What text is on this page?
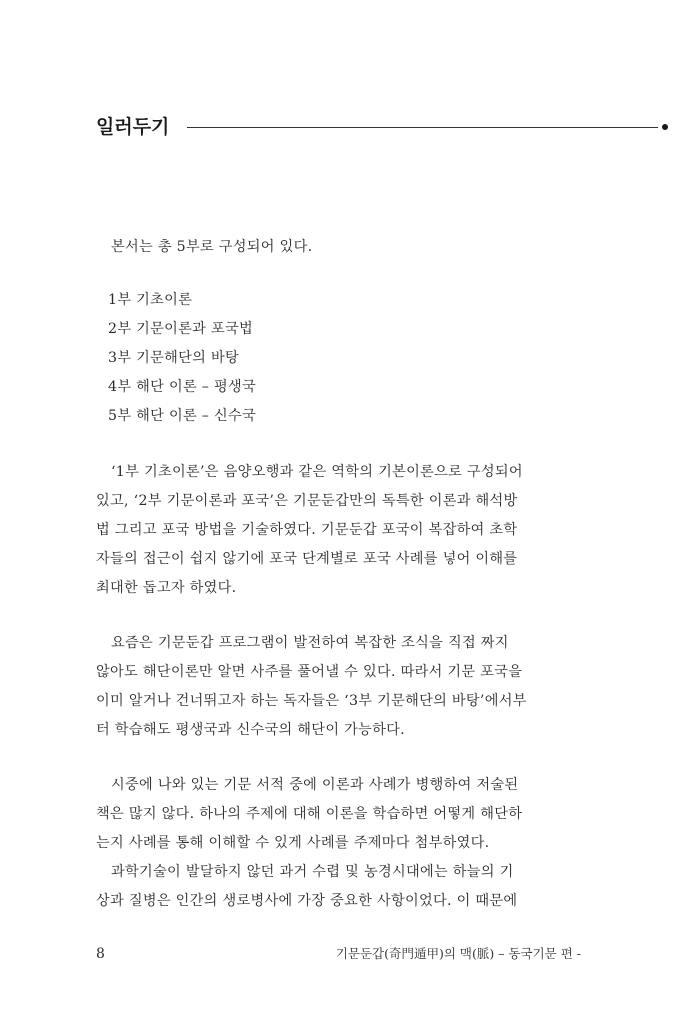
일러두기
본서는 총 5부로 구성되어 있다.
1부 기초이론
2부 기문이론과 포국법
3부 기문해단의 바탕
4부 해단 이론 – 평생국
5부 해단 이론 – 신수국
‘1부 기초이론’은 음양오행과 같은 역학의 기본이론으로 구성되어
있고, ‘2부 기문이론과 포국’은 기문둔갑만의 독특한 이론과 해석방
법 그리고 포국 방법을 기술하였다. 기문둔갑 포국이 복잡하여 초학
자들의 접근이 쉽지 않기에 포국 단계별로 포국 사례를 넣어 이해를
최대한 돕고자 하였다.
요즘은 기문둔갑 프로그램이 발전하여 복잡한 조식을 직접 짜지
않아도 해단이론만 알면 사주를 풀어낼 수 있다. 따라서 기문 포국을
이미 알거나 건너뛰고자 하는 독자들은 ‘3부 기문해단의 바탕’에서부
터 학습해도 평생국과 신수국의 해단이 가능하다.
시중에 나와 있는 기문 서적 중에 이론과 사례가 병행하여 저술된
책은 많지 않다. 하나의 주제에 대해 이론을 학습하면 어떻게 해단하
는지 사례를 통해 이해할 수 있게 사례를 주제마다 첨부하였다.
과학기술이 발달하지 않던 과거 수렵 및 농경시대에는 하늘의 기
상과 질병은 인간의 생로병사에 가장 중요한 사항이었다. 이 때문에
8	기문둔갑(奇門遁甲)의 맥(脈) – 동국기문 편 -
